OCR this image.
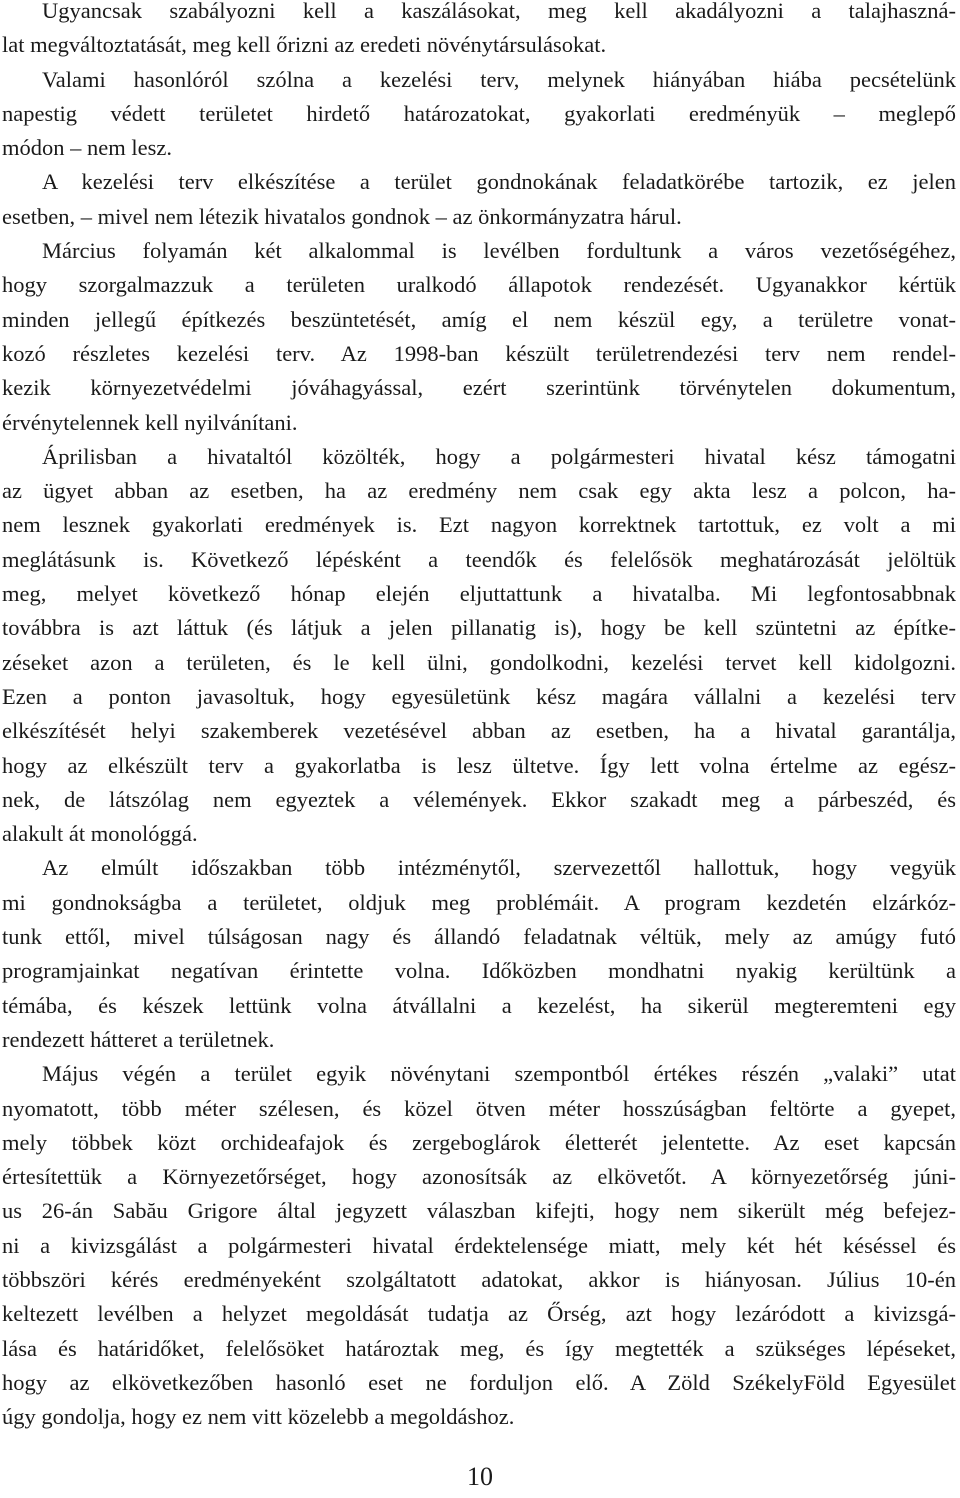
Ugyancsak szabályozni kell a kaszálásokat, meg kell akadályozni a talajhaszná-
lat megváltoztatását, meg kell őrizni az eredeti növénytársulásokat.
Valami hasonlóról szólna a kezelési terv, melynek hiányában hiába pecsételünk
napestig védett területet hirdető határozatokat, gyakorlati eredményük – meglepő
módon – nem lesz.
A kezelési terv elkészítése a terület gondnokának feladatkörébe tartozik, ez jelen
esetben, – mivel nem létezik hivatalos gondnok – az önkormányzatra hárul.
Március folyamán két alkalommal is levélben fordultunk a város vezetőségéhez,
hogy szorgalmazzuk a területen uralkodó állapotok rendezését. Ugyanakkor kértük
minden jellegű építkezés beszüntetését, amíg el nem készül egy, a területre vonat-
kozó részletes kezelési terv. Az 1998-ban készült területrendezési terv nem rendel-
kezik környezetvédelmi jóváhagyással, ezért szerintünk törvénytelen dokumentum,
érvénytelennek kell nyilvánítani.
Áprilisban a hivataltól közölték, hogy a polgármesteri hivatal kész támogatni
az ügyet abban az esetben, ha az eredmény nem csak egy akta lesz a polcon, ha-
nem lesznek gyakorlati eredmények is. Ezt nagyon korrektnek tartottuk, ez volt a mi
meglátásunk is. Következő lépésként a teendők és felelősök meghatározását jelöltük
meg, melyet következő hónap elején eljuttattunk a hivatalba. Mi legfontosabbnak
továbbra is azt láttuk (és látjuk a jelen pillanatig is), hogy be kell szüntetni az építke-
zéseket azon a területen, és le kell ülni, gondolkodni, kezelési tervet kell kidolgozni.
Ezen a ponton javasoltuk, hogy egyesületünk kész magára vállalni a kezelési terv
elkészítését helyi szakemberek vezetésével abban az esetben, ha a hivatal garantálja,
hogy az elkészült terv a gyakorlatba is lesz ültetve. Így lett volna értelme az egész-
nek, de látszólag nem egyeztek a vélemények. Ekkor szakadt meg a párbeszéd, és
alakult át monológgá.
Az elmúlt időszakban több intézménytől, szervezettől hallottuk, hogy vegyük
mi gondnokságba a területet, oldjuk meg problémáit. A program kezdetén elzárkóz-
tunk ettől, mivel túlságosan nagy és állandó feladatnak véltük, mely az amúgy futó
programjainkat negatívan érintette volna. Időközben mondhatni nyakig kerültünk a
témába, és készek lettünk volna átvállalni a kezelést, ha sikerül megteremteni egy
rendezett hátteret a területnek.
Május végén a terület egyik növénytani szempontból értékes részén „valaki” utat
nyomatott, több méter szélesen, és közel ötven méter hosszúságban feltörte a gyepet,
mely többek közt orchideafajok és zergeboglárok életterét jelentette. Az eset kapcsán
értesítettük a Környezetőrséget, hogy azonosítsák az elkövetőt. A környezetőrség júni-
us 26-án Sabău Grigore által jegyzett válaszban kifejti, hogy nem sikerült még befejez-
ni a kivizsgálást a polgármesteri hivatal érdektelensége miatt, mely két hét késéssel és
többszöri kérés eredményeként szolgáltatott adatokat, akkor is hiányosan. Július 10-én
keltezett levélben a helyzet megoldását tudatja az Őrség, azt hogy lezáródott a kivizsgá-
lása és határidőket, felelősöket határoztak meg, és így megtették a szükséges lépéseket,
hogy az elkövetkezőben hasonló eset ne forduljon elő. A Zöld SzékelyFöld Egyesület
úgy gondolja, hogy ez nem vitt közelebb a megoldáshoz.
10
